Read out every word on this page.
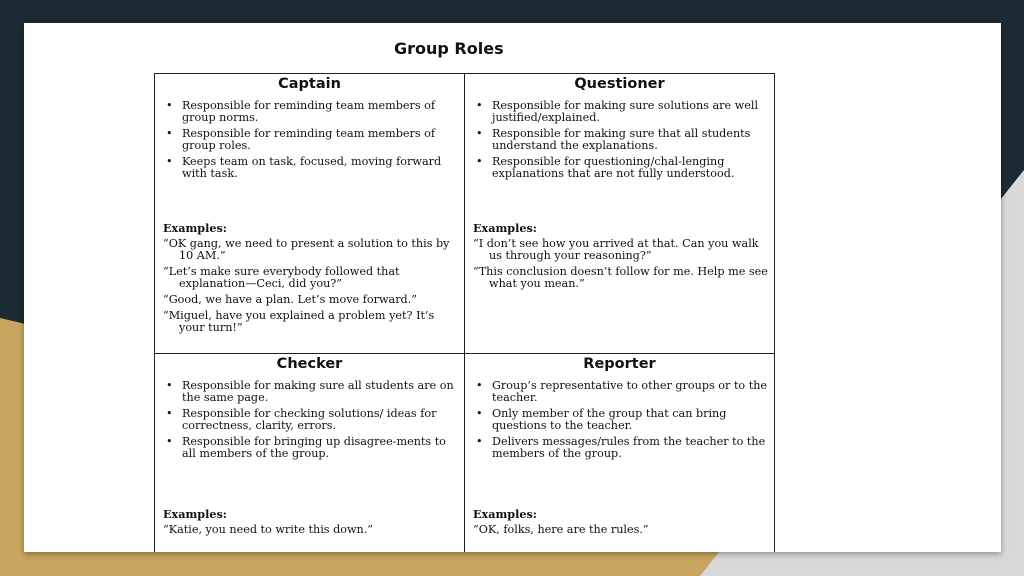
Group Roles
Captain
• Responsible for reminding team members of group norms.
• Responsible for reminding team members of group roles.
• Keeps team on task, focused, moving forward with task.
Examples:
“OK gang, we need to present a solution to this by 10 AM.”
“Let’s make sure everybody followed that explanation—Ceci, did you?”
“Good, we have a plan. Let’s move forward.”
“Miguel, have you explained a problem yet? It’s your turn!”
Questioner
• Responsible for making sure solutions are well justified/explained.
• Responsible for making sure that all students understand the explanations.
• Responsible for questioning/chal-lenging explanations that are not fully understood.
Examples:
“I don’t see how you arrived at that. Can you walk us through your reasoning?”
“This conclusion doesn’t follow for me. Help me see what you mean.”
Checker
• Responsible for making sure all students are on the same page.
• Responsible for checking solutions/ ideas for correctness, clarity, errors.
• Responsible for bringing up disagree-ments to all members of the group.
Examples:
“Katie, you need to write this down.”
Reporter
• Group’s representative to other groups or to the teacher.
• Only member of the group that can bring questions to the teacher.
• Delivers messages/rules from the teacher to the members of the group.
Examples:
“OK, folks, here are the rules.”
